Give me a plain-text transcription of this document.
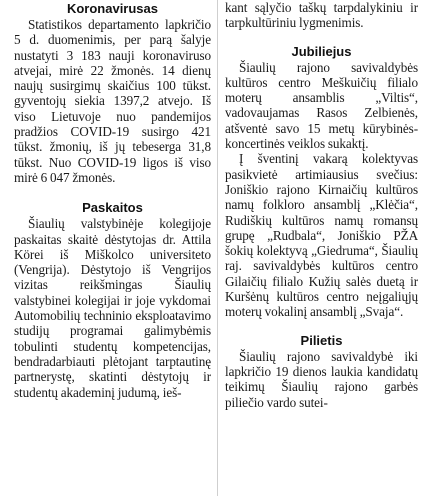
Koronavirusas

Statistikos departamento lapkričio 5 d. duomenimis, per parą šalyje nustatyti 3 183 nauji koronaviruso atvejai, mirė 22 žmonės. 14 dienų naujų susirgimų skaičius 100 tūkst. gyventojų siekia 1397,2 atvejo. Iš viso Lietuvoje nuo pandemijos pradžios COVID-19 susirgo 421 tūkst. žmonių, iš jų tebeserga 31,8 tūkst. Nuo COVID-19 ligos iš viso mirė 6 047 žmonės.

Paskaitos

Šiaulių valstybinėje kolegijoje paskaitas skaitė dėstytojas dr. Attila Körei iš Miškolco universiteto (Vengrija). Dėstytojo iš Vengrijos vizitas reikšmingas Šiaulių valstybinei kolegijai ir joje vykdomai Automobilių techninio eksploatavimo studijų programai galimybėmis tobulinti studentų kompetencijas, bendradarbiauti plėtojant tarptautinę partnerystę, skatinti dėstytojų ir studentų akademinį judumą, ieš-

kant sąlyčio taškų tarpdalykiniu ir tarpkultūriniu lygmenimis.

Jubiliejus

Šiaulių rajono savivaldybės kultūros centro Meškuičių filialo moterų ansamblis „Viltis“, vadovaujamas Rasos Zelbienės, atšventė savo 15 metų kūrybinės-koncertinės veiklos sukaktį.

Į šventinį vakarą kolektyvas pasikvietė artimiausius svečius: Joniškio rajono Kirnaičių kultūros namų folkloro ansamblį „Klėčia“, Rudiškių kultūros namų romansų grupę „Rudbala“, Joniškio PŽA šokių kolektyvą „Giedruma“, Šiaulių raj. savivaldybės kultūros centro Gilaičių filialo Kužių salės duetą ir Kuršėnų kultūros centro neįgaliųjų moterų vokalinį ansamblį „Svaja“.

Pilietis

Šiaulių rajono savivaldybė iki lapkričio 19 dienos laukia kandidatų teikimų Šiaulių rajono garbės piliečio vardo sutei-
